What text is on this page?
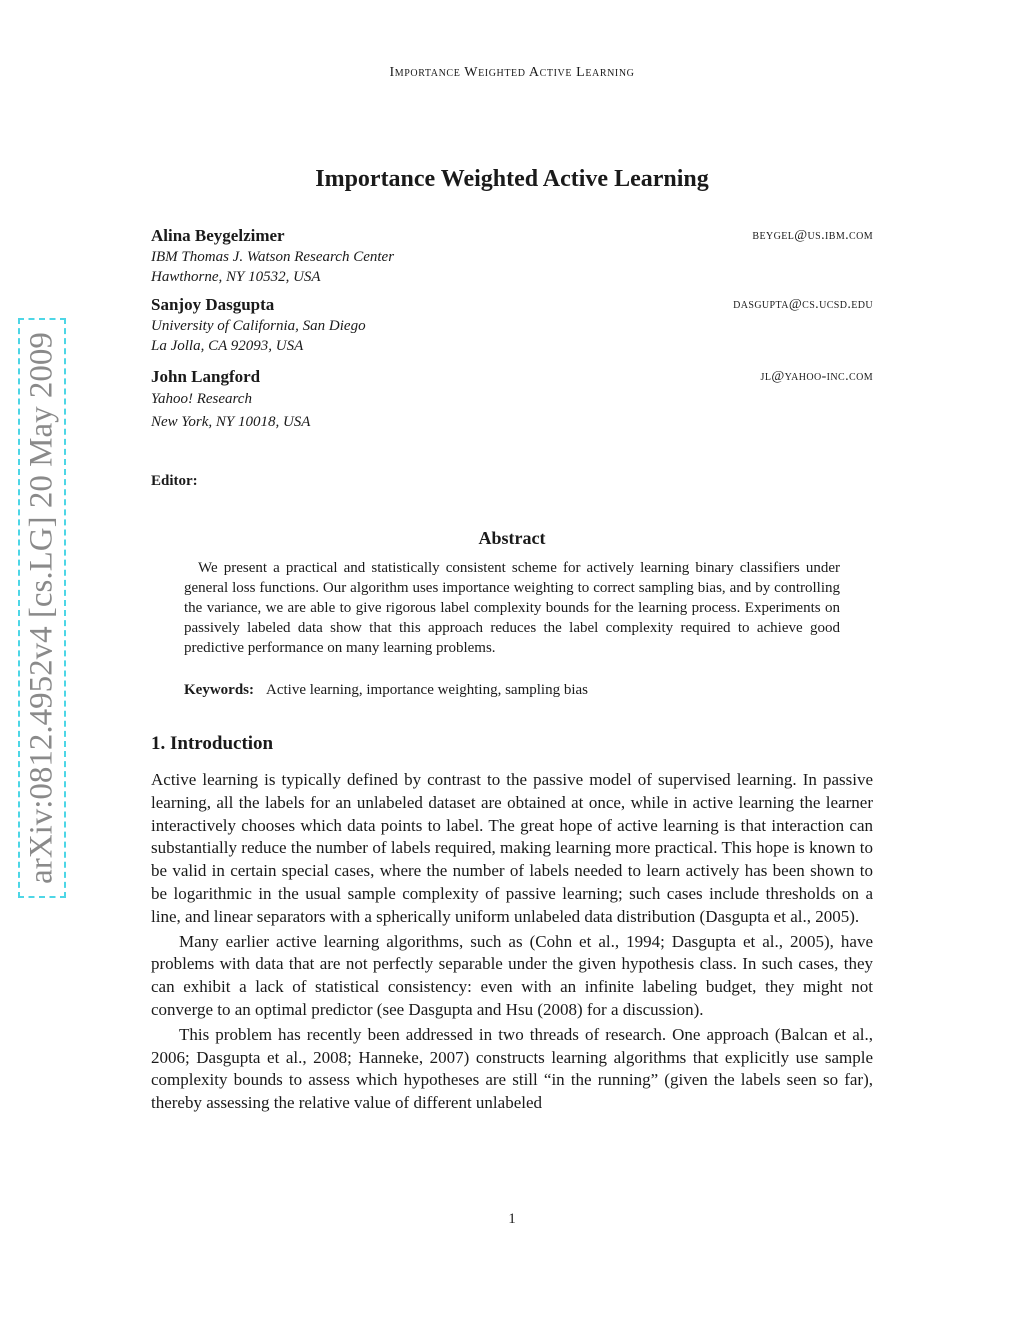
Importance Weighted Active Learning
arXiv:0812.4952v4 [cs.LG] 20 May 2009
Importance Weighted Active Learning
Alina Beygelzimer	beygel@us.ibm.com
IBM Thomas J. Watson Research Center
Hawthorne, NY 10532, USA
Sanjoy Dasgupta	dasgupta@cs.ucsd.edu
University of California, San Diego
La Jolla, CA 92093, USA
John Langford	jl@yahoo-inc.com
Yahoo! Research
New York, NY 10018, USA
Editor:
Abstract
We present a practical and statistically consistent scheme for actively learning binary classifiers under general loss functions. Our algorithm uses importance weighting to correct sampling bias, and by controlling the variance, we are able to give rigorous label complexity bounds for the learning process. Experiments on passively labeled data show that this approach reduces the label complexity required to achieve good predictive performance on many learning problems.
Keywords: Active learning, importance weighting, sampling bias
1. Introduction

Active learning is typically defined by contrast to the passive model of supervised learning. In passive learning, all the labels for an unlabeled dataset are obtained at once, while in active learning the learner interactively chooses which data points to label. The great hope of active learning is that interaction can substantially reduce the number of labels required, making learning more practical. This hope is known to be valid in certain special cases, where the number of labels needed to learn actively has been shown to be logarithmic in the usual sample complexity of passive learning; such cases include thresholds on a line, and linear separators with a spherically uniform unlabeled data distribution (Dasgupta et al., 2005).

Many earlier active learning algorithms, such as (Cohn et al., 1994; Dasgupta et al., 2005), have problems with data that are not perfectly separable under the given hypothesis class. In such cases, they can exhibit a lack of statistical consistency: even with an infinite labeling budget, they might not converge to an optimal predictor (see Dasgupta and Hsu (2008) for a discussion).

This problem has recently been addressed in two threads of research. One approach (Balcan et al., 2006; Dasgupta et al., 2008; Hanneke, 2007) constructs learning algorithms that explicitly use sample complexity bounds to assess which hypotheses are still “in the running” (given the labels seen so far), thereby assessing the relative value of different unlabeled

1
